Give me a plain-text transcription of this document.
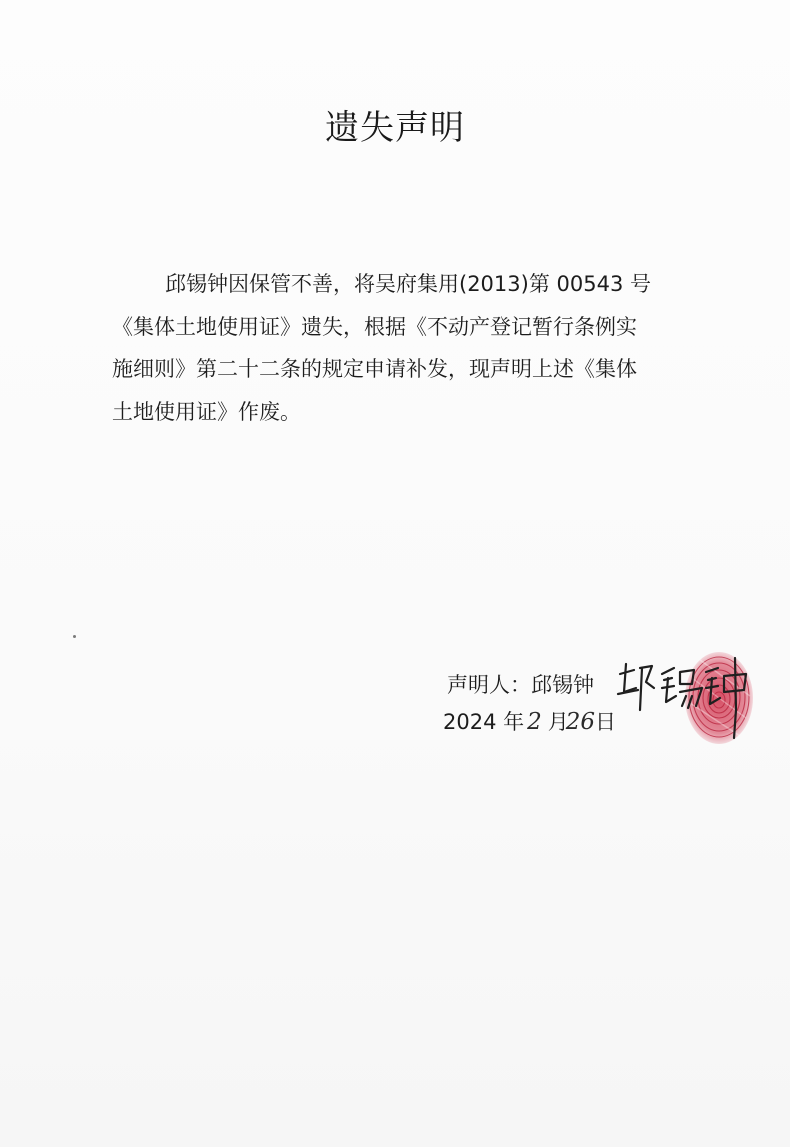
遗失声明
邱锡钟因保管不善，将吴府集用(2013)第 00543 号
《集体土地使用证》遗失，根据《不动产登记暂行条例实
施细则》第二十二条的规定申请补发，现声明上述《集体
土地使用证》作废。
声明人：邱锡钟
2024 年 2 月26日
